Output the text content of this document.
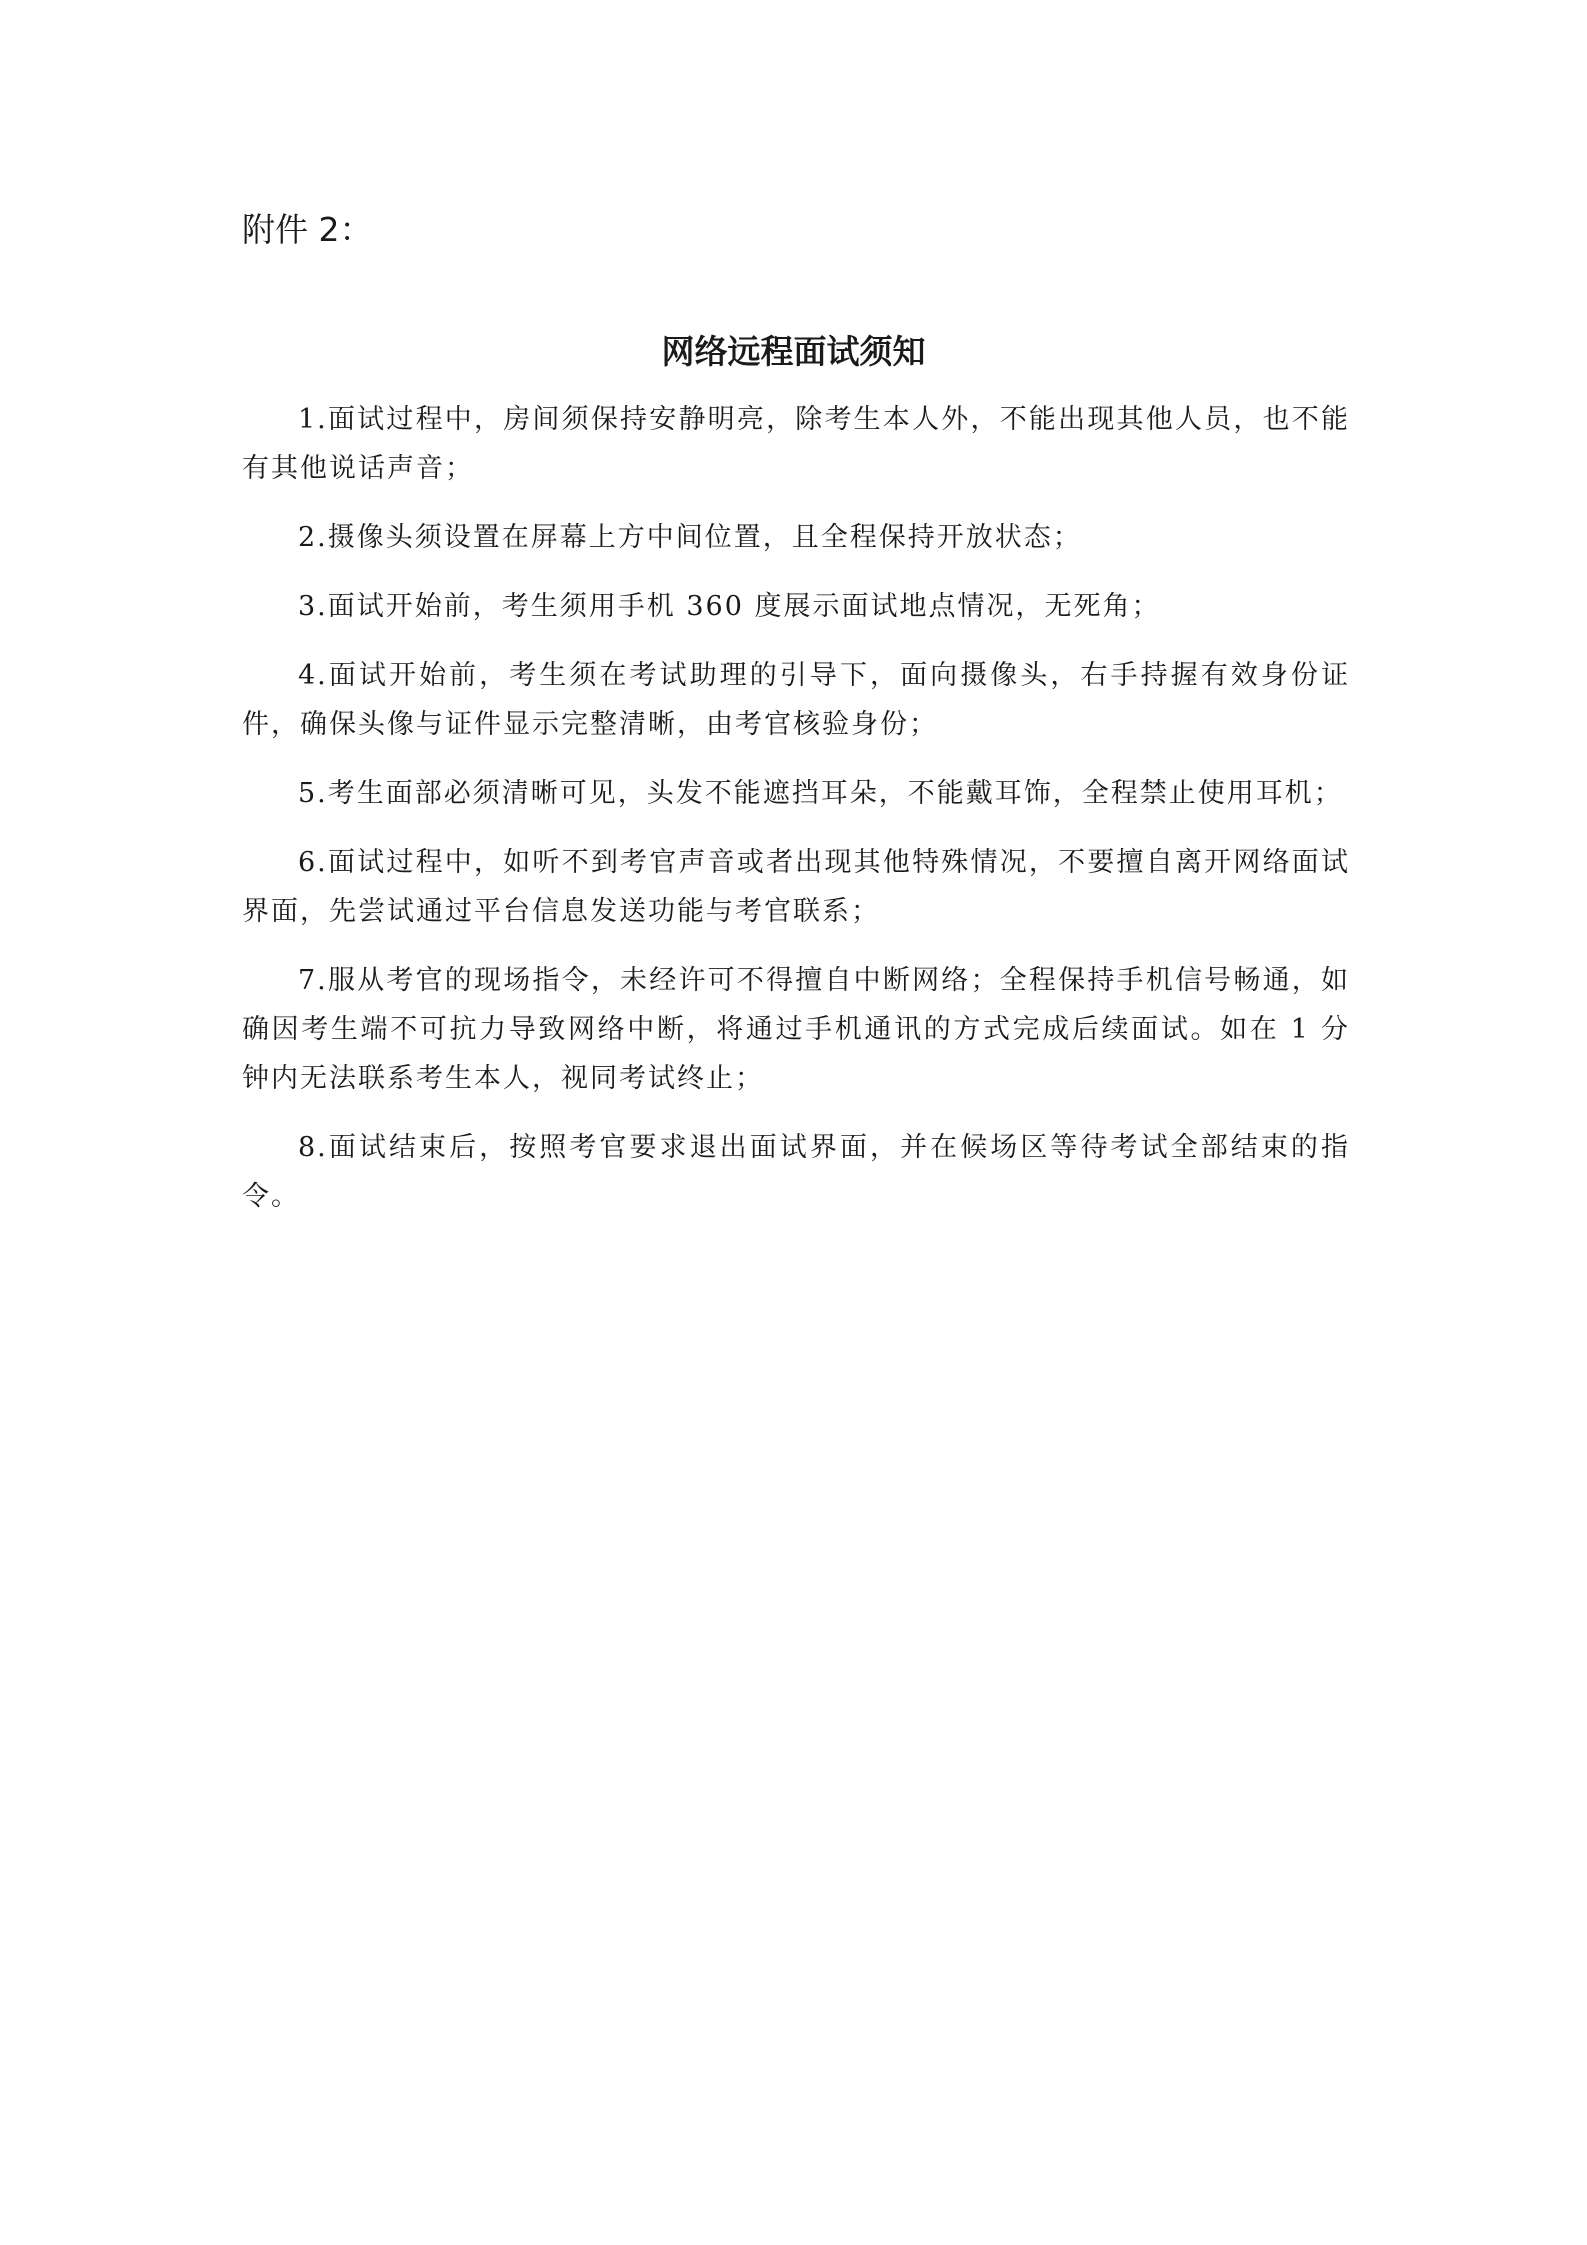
附件 2：
网络远程面试须知
1.面试过程中，房间须保持安静明亮，除考生本人外，不能出现其他人员，也不能有其他说话声音；
2.摄像头须设置在屏幕上方中间位置，且全程保持开放状态；
3.面试开始前，考生须用手机 360 度展示面试地点情况，无死角；
4.面试开始前，考生须在考试助理的引导下，面向摄像头，右手持握有效身份证件，确保头像与证件显示完整清晰，由考官核验身份；
5.考生面部必须清晰可见，头发不能遮挡耳朵，不能戴耳饰，全程禁止使用耳机；
6.面试过程中，如听不到考官声音或者出现其他特殊情况，不要擅自离开网络面试界面，先尝试通过平台信息发送功能与考官联系；
7.服从考官的现场指令，未经许可不得擅自中断网络；全程保持手机信号畅通，如确因考生端不可抗力导致网络中断，将通过手机通讯的方式完成后续面试。如在 1 分钟内无法联系考生本人，视同考试终止；
8.面试结束后，按照考官要求退出面试界面，并在候场区等待考试全部结束的指令。
